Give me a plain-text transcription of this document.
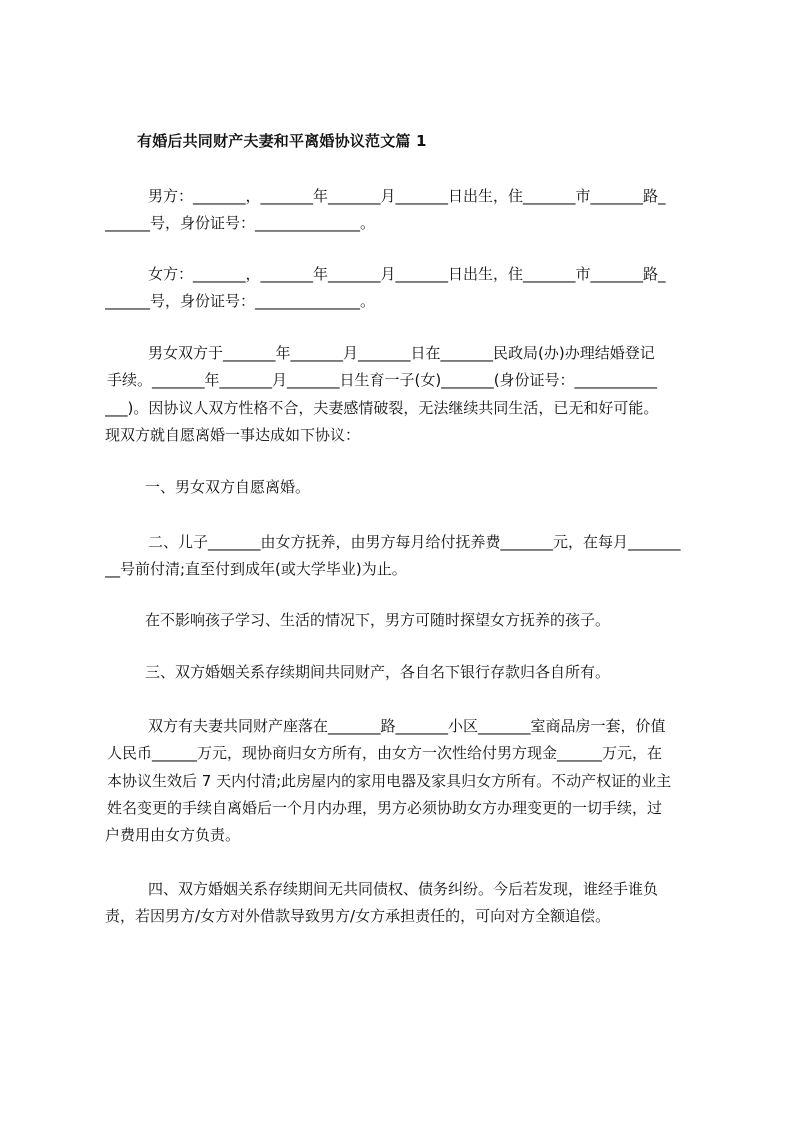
有婚后共同财产夫妻和平离婚协议范文篇 1
男方：_______，_______年_______月_______日出生，住_______市_______路_
______号，身份证号：______________。
女方：_______，_______年_______月_______日出生，住_______市_______路_
______号，身份证号：______________。
男女双方于_______年_______月_______日在_______民政局(办)办理结婚登记
手续。_______年_______月_______日生育一子(女)_______(身份证号：___________
___)。因协议人双方性格不合，夫妻感情破裂，无法继续共同生活，已无和好可能。
现双方就自愿离婚一事达成如下协议：
一、男女双方自愿离婚。
二、儿子_______由女方抚养，由男方每月给付抚养费_______元，在每月_______
__号前付清;直至付到成年(或大学毕业)为止。
在不影响孩子学习、生活的情况下，男方可随时探望女方抚养的孩子。
三、双方婚姻关系存续期间共同财产，各自名下银行存款归各自所有。
双方有夫妻共同财产座落在_______路_______小区_______室商品房一套，价值
人民币______万元，现协商归女方所有，由女方一次性给付男方现金______万元，在
本协议生效后 7 天内付清;此房屋内的家用电器及家具归女方所有。不动产权证的业主
姓名变更的手续自离婚后一个月内办理，男方必须协助女方办理变更的一切手续，过
户费用由女方负责。
四、双方婚姻关系存续期间无共同债权、债务纠纷。今后若发现，谁经手谁负
责，若因男方/女方对外借款导致男方/女方承担责任的，可向对方全额追偿。
